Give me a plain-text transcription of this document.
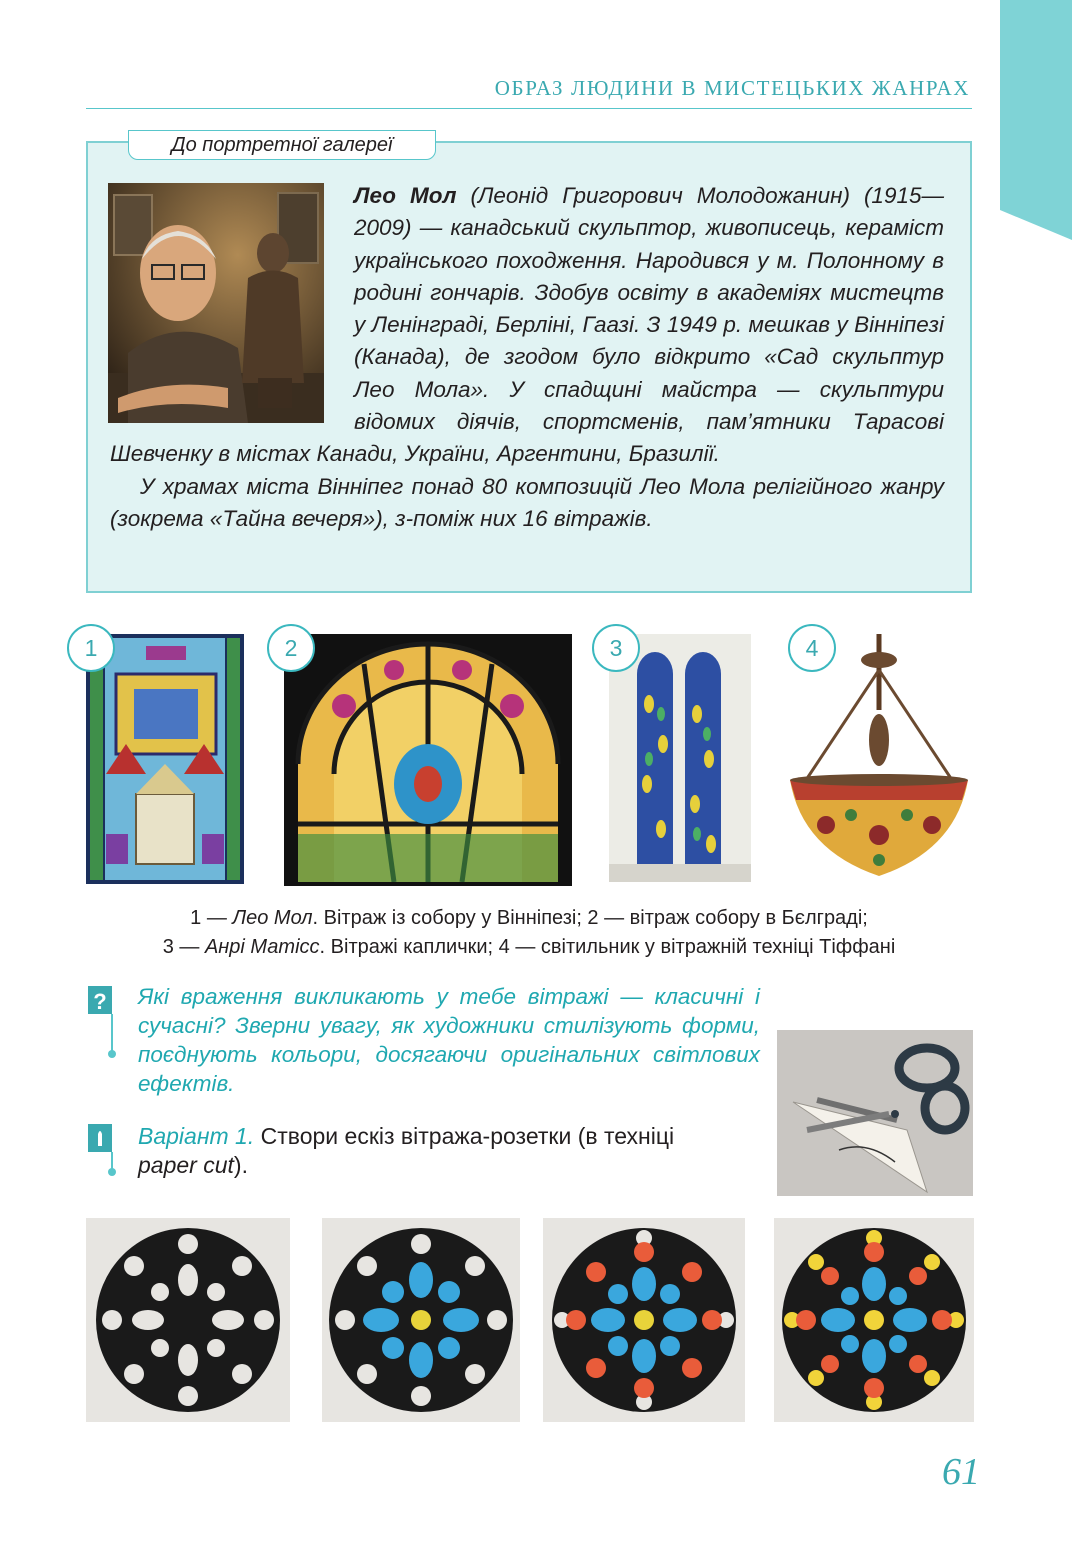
ОБРАЗ ЛЮДИНИ В МИСТЕЦЬКИХ ЖАНРАХ
До портретної галереї

Лео Мол (Леонід Григорович Молодожанин) (1915—2009) — канадський скульптор, живописець, кераміст українського походження. Народився у м. Полонному в родині гончарів. Здобув освіту в академіях мистецтв у Ленінграді, Берліні, Гаазі. З 1949 р. мешкав у Вінніпезі (Канада), де згодом було відкрито «Сад скульптур Лео Мола». У спадщині майстра — скульптури відомих діячів, спортсменів, пам’ятники Тарасові Шевченку в містах Канади, України, Аргентини, Бразилії.
У храмах міста Вінніпег понад 80 композицій Лео Мола релігійного жанру (зокрема «Тайна вечеря»), з-поміж них 16 вітражів.

1	2	3	4
1 — Лео Мол. Вітраж із собору у Вінніпезі; 2 — вітраж собору в Бєлграді;
3 — Анрі Матісс. Вітражі каплички; 4 — світильник у вітражній техніці Тіффані
? Які враження викликають у тебе вітражі — класичні і сучасні? Зверни увагу, як художники стилізують форми, поєднують кольори, досягаючи оригінальних світлових ефектів.

Варіант 1. Створи ескіз вітража-розетки (в техніці paper cut).

61
